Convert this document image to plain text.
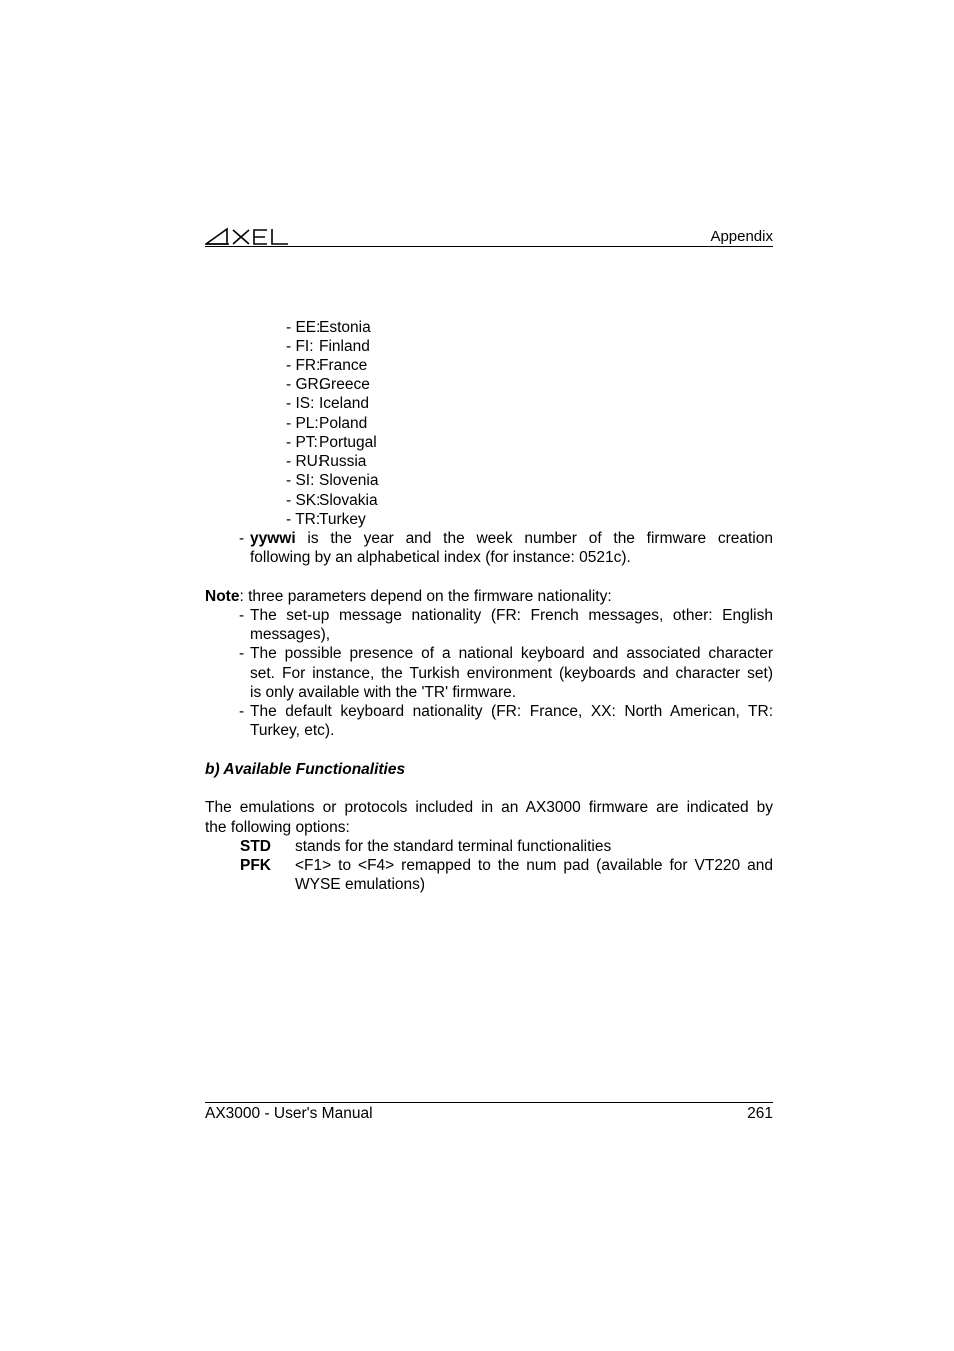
Appendix
- EE:Estonia
- FI: Finland
- FR:France
- GR:Greece
- IS: Iceland
- PL:Poland
- PT:Portugal
- RU:Russia
- SI: Slovenia
- SK:Slovakia
- TR:Turkey
- yywwi is the year and the week number of the firmware creation
following by an alphabetical index (for instance: 0521c).
Note: three parameters depend on the firmware nationality:
- The set-up message nationality (FR: French messages, other: English
messages),
- The possible presence of a national keyboard and associated character
set. For instance, the Turkish environment (keyboards and character set)
is only available with the 'TR' firmware.
- The default keyboard nationality (FR: France, XX: North American, TR:
Turkey, etc).
b) Available Functionalities
The emulations or protocols included in an AX3000 firmware are indicated by
the following options:
STD stands for the standard terminal functionalities
PFK <F1> to <F4> remapped to the num pad (available for VT220 and
WYSE emulations)
AX3000 - User's Manual	261
